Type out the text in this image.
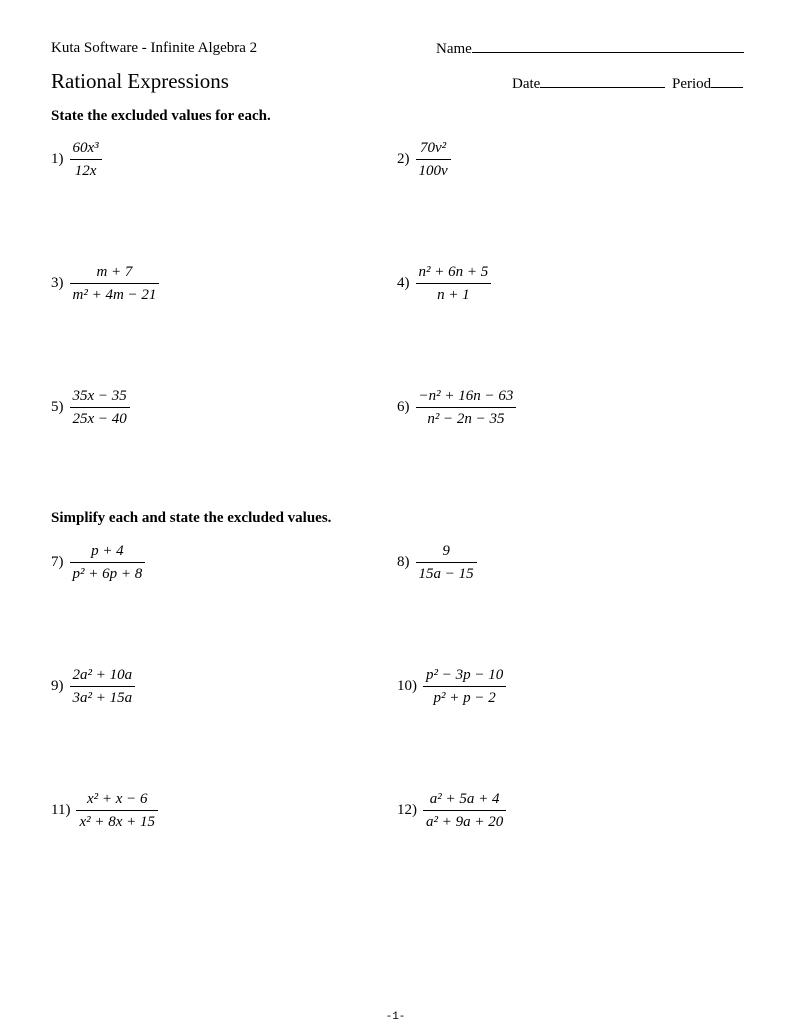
Kuta Software - Infinite Algebra 2	Name
Rational Expressions	Date	Period
State the excluded values for each.
$1) \frac{\text{60x³}}{12x}$	$2) \frac{\text{70v²}}{100v}$
$3) \frac{m + 7}{\text{m² + 4m − 21}}$	$4) \frac{\text{n² + 6n + 5}}{n + 1}$
$5) \frac{35x - 35}{25x - 40}$	$6) \frac{\text{−n² + 16n − 63}}{\text{n² − 2n − 35}}$
Simplify each and state the excluded values.
$7) \frac{p + 4}{\text{p² + 6p + 8}}$	$8) \frac{9}{15a - 15}$
$9) \frac{\text{2a² + 10a}}{\text{3a² + 15a}}$	$10) \frac{\text{p² − 3p − 10}}{\text{p² + p − 2}}$
$11) \frac{\text{x² + x − 6}}{\text{x² + 8x + 15}}$	$12) \frac{\text{a² + 5a + 4}}{\text{a² + 9a + 20}}$
-1-
